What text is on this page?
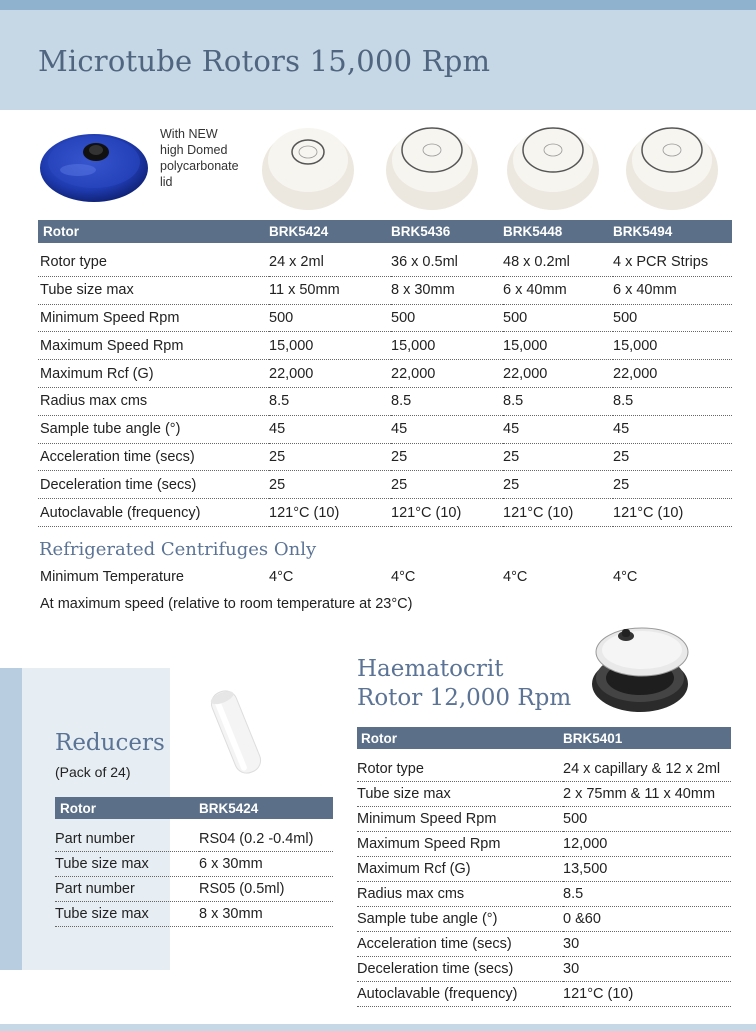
Microtube Rotors 15,000 Rpm
With NEW
high Domed
polycarbonate
lid
Rotor	BRK5424	BRK5436	BRK5448	BRK5494

Rotor type	24 x 2ml	36 x 0.5ml	48 x 0.2ml	4 x PCR Strips
Tube size max	11 x 50mm	8 x 30mm	6 x 40mm	6 x 40mm
Minimum Speed Rpm	500	500	500	500
Maximum Speed Rpm	15,000	15,000	15,000	15,000
Maximum Rcf (G)	22,000	22,000	22,000	22,000
Radius max cms	8.5	8.5	8.5	8.5
Sample tube angle (°)	45	45	45	45
Acceleration time (secs)	25	25	25	25
Deceleration time (secs)	25	25	25	25
Autoclavable (frequency)	121°C (10)	121°C (10)	121°C (10)	121°C (10)
Refrigerated Centrifuges Only
Minimum Temperature	4°C	4°C	4°C	4°C
At maximum speed (relative to room temperature at 23°C)
Reducers
(Pack of 24)
Rotor	BRK5424

Part number	RS04 (0.2 -0.4ml)
Tube size max	6 x 30mm
Part number	RS05 (0.5ml)
Tube size max	8 x 30mm
Haematocrit
Rotor 12,000 Rpm
Rotor	BRK5401

Rotor type	24 x capillary & 12 x 2ml
Tube size max	2 x 75mm & 11 x 40mm
Minimum Speed Rpm	500
Maximum Speed Rpm	12,000
Maximum Rcf (G)	13,500
Radius max cms	8.5
Sample tube angle (°)	0 &60
Acceleration time (secs)	30
Deceleration time (secs)	30
Autoclavable (frequency)	121°C (10)
